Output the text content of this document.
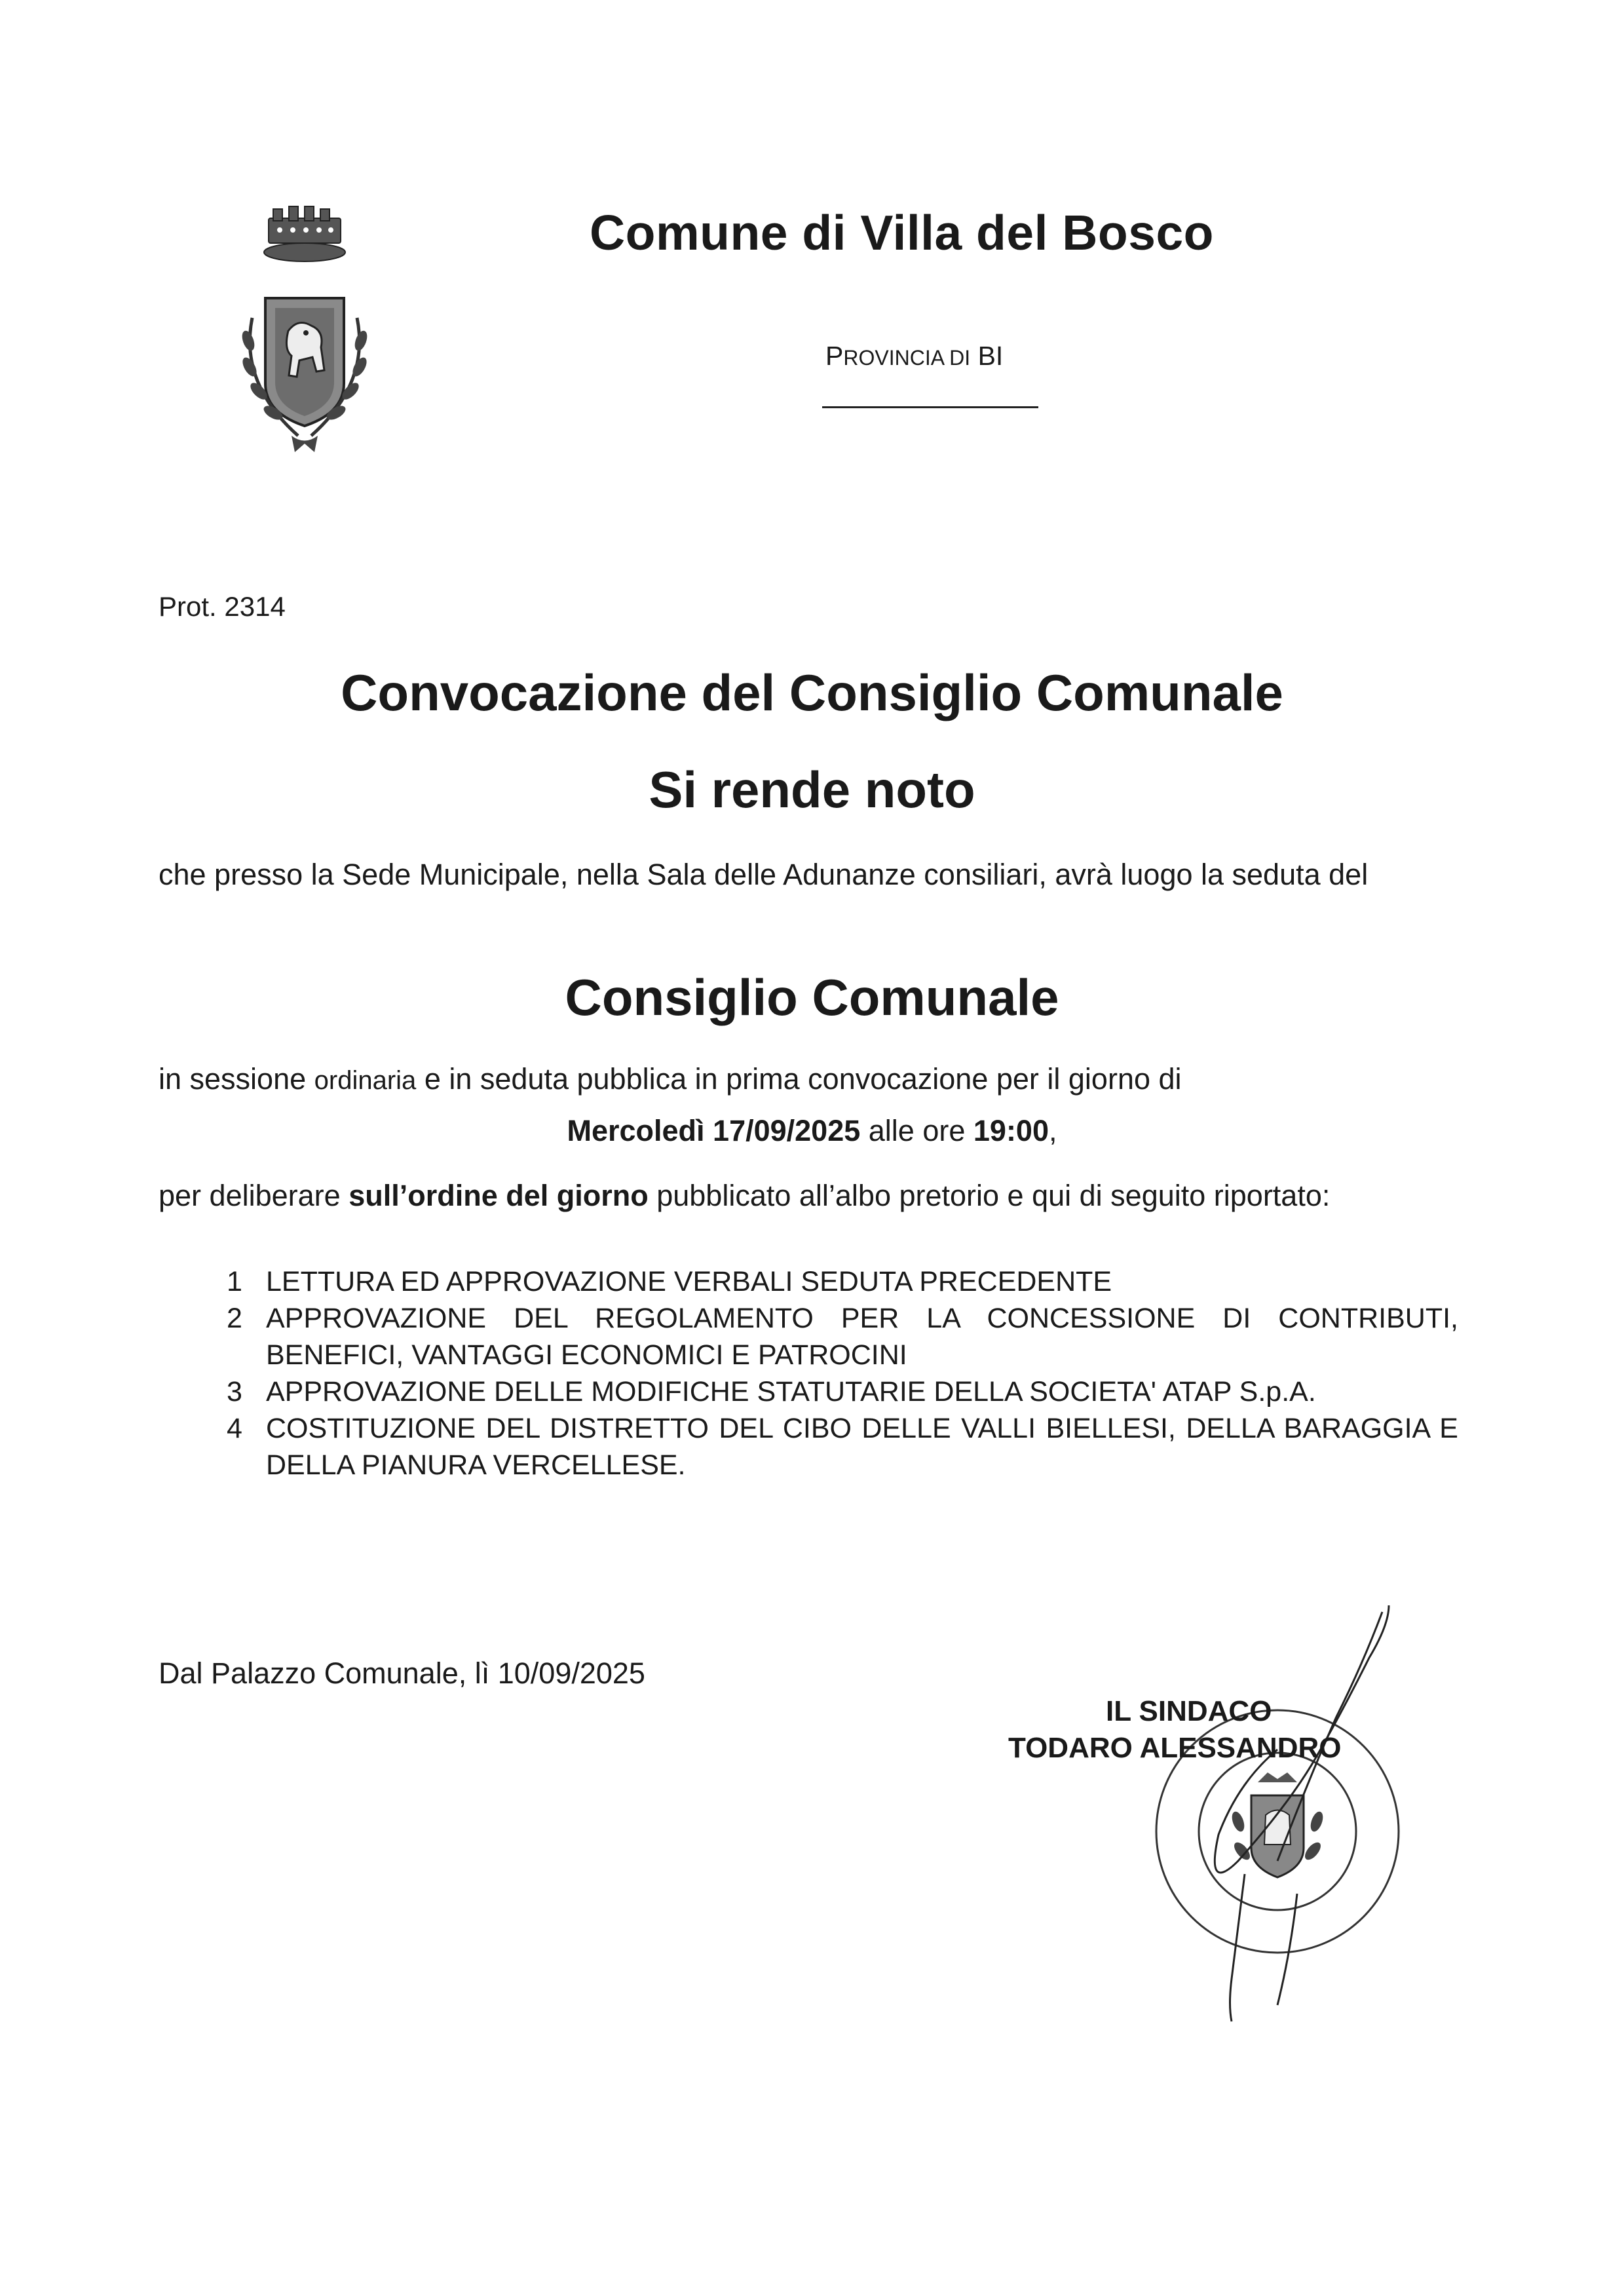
Comune di Villa del Bosco
PROVINCIA DI BI
Prot. 2314
Convocazione del Consiglio Comunale
Si rende noto
che presso la Sede Municipale, nella Sala delle Adunanze consiliari, avrà luogo la seduta del
Consiglio Comunale
in sessione ordinaria e in seduta pubblica in prima convocazione per il giorno di
Mercoledì 17/09/2025 alle ore 19:00,
per deliberare sull’ordine del giorno pubblicato all’albo pretorio e qui di seguito riportato:
1 LETTURA ED APPROVAZIONE VERBALI SEDUTA PRECEDENTE
2 APPROVAZIONE DEL REGOLAMENTO PER LA CONCESSIONE DI CONTRIBUTI, BENEFICI, VANTAGGI ECONOMICI E PATROCINI
3 APPROVAZIONE DELLE MODIFICHE STATUTARIE DELLA SOCIETA' ATAP S.p.A.
4 COSTITUZIONE DEL DISTRETTO DEL CIBO DELLE VALLI BIELLESI, DELLA BARAGGIA E DELLA PIANURA VERCELLESE.
Dal Palazzo Comunale, lì 10/09/2025
IL SINDACO
TODARO ALESSANDRO
